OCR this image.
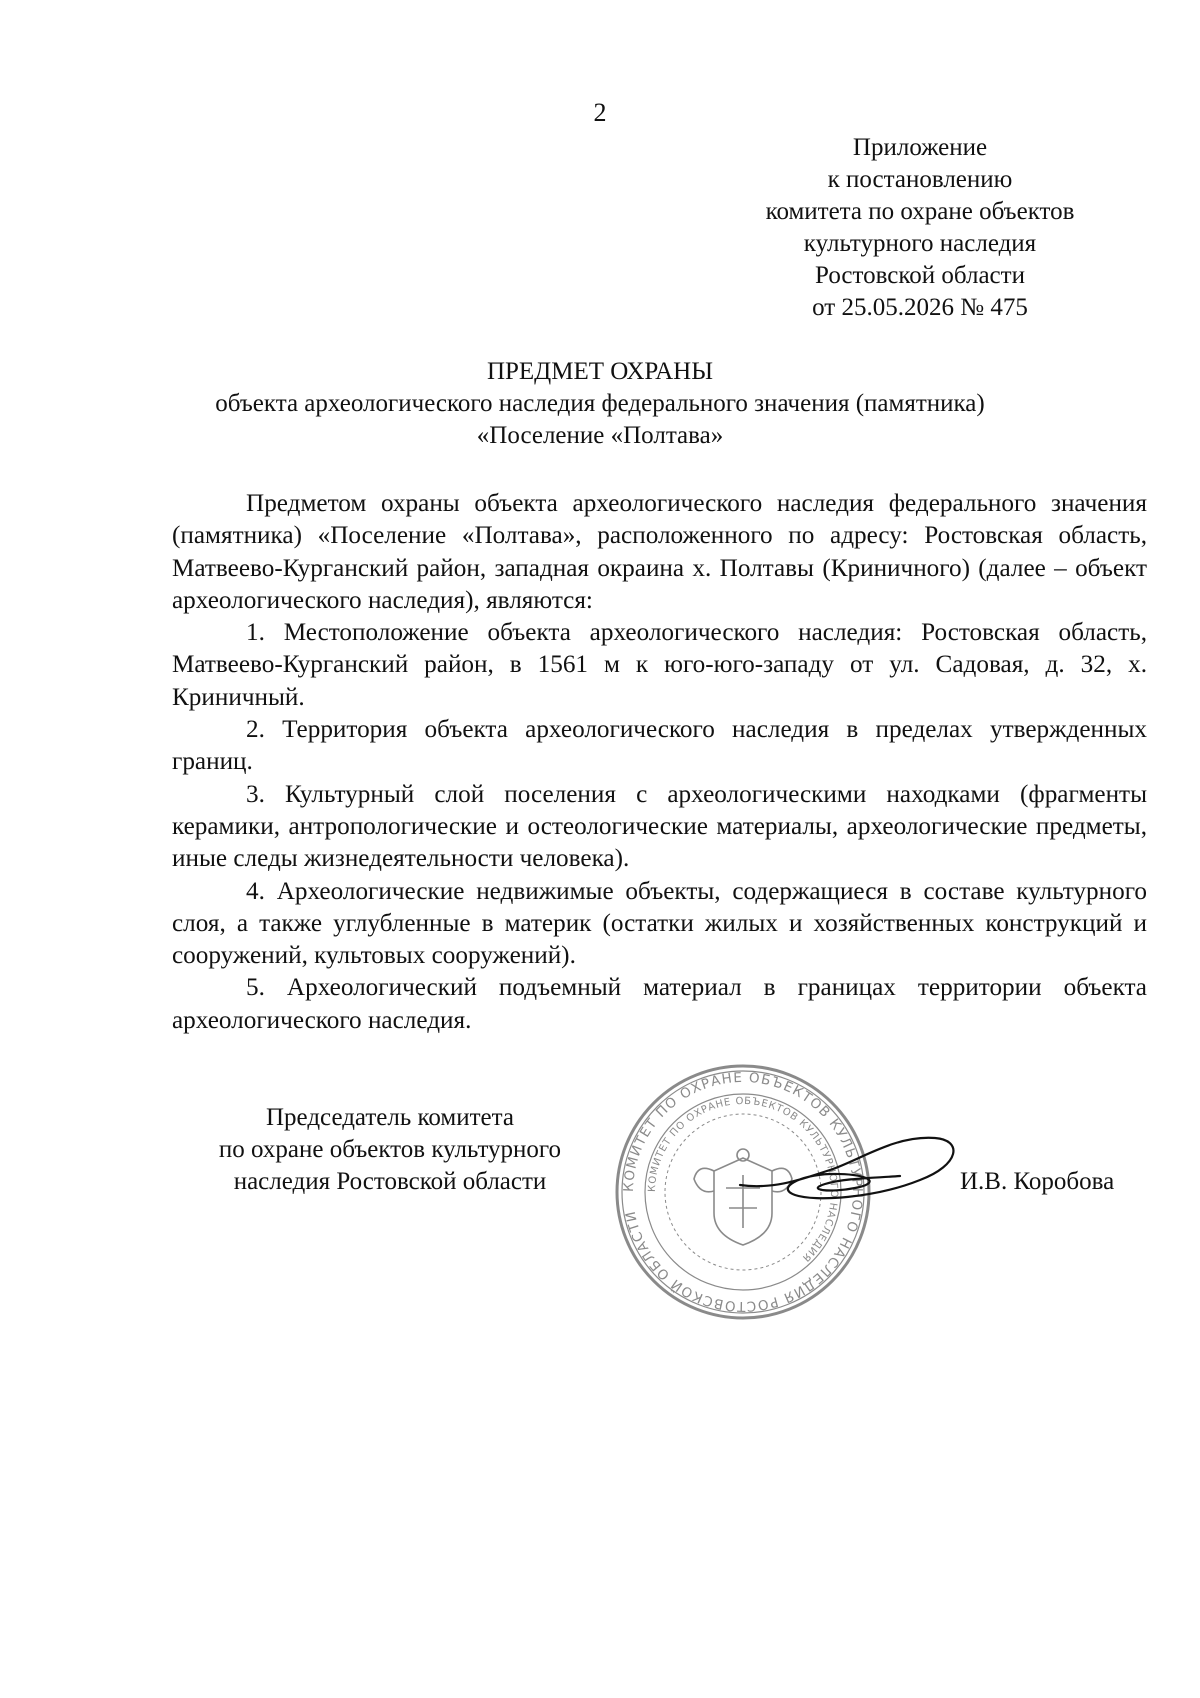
2
Приложение
к постановлению
комитета по охране объектов
культурного наследия
Ростовской области
от 25.05.2026 № 475
ПРЕДМЕТ ОХРАНЫ
объекта археологического наследия федерального значения (памятника)
«Поселение «Полтава»

Предметом охраны объекта археологического наследия федерального значения (памятника) «Поселение «Полтава», расположенного по адресу: Ростовская область, Матвеево-Курганский район, западная окраина х. Полтавы (Криничного) (далее – объект археологического наследия), являются:

1. Местоположение объекта археологического наследия: Ростовская область, Матвеево-Курганский район, в 1561 м к юго-юго-западу от ул. Садовая, д. 32, х. Криничный.

2. Территория объекта археологического наследия в пределах утвержденных границ.

3. Культурный слой поселения с археологическими находками (фрагменты керамики, антропологические и остеологические материалы, археологические предметы, иные следы жизнедеятельности человека).

4. Археологические недвижимые объекты, содержащиеся в составе культурного слоя, а также углубленные в материк (остатки жилых и хозяйственных конструкций и сооружений, культовых сооружений).

5. Археологический подъемный материал в границах территории объекта археологического наследия.

Председатель комитета
по охране объектов культурного
наследия Ростовской области	КОМИТЕТ ПО ОХРАНЕ ОБЪЕКТОВ КУЛЬТУРНОГО НАСЛЕДИЯ РОСТОВСКОЙ ОБЛАСТИ
КОМИТЕТ ПО ОХРАНЕ ОБЪЕКТОВ КУЛЬТУРНОГО НАСЛЕДИЯ
И.В. Коробова
